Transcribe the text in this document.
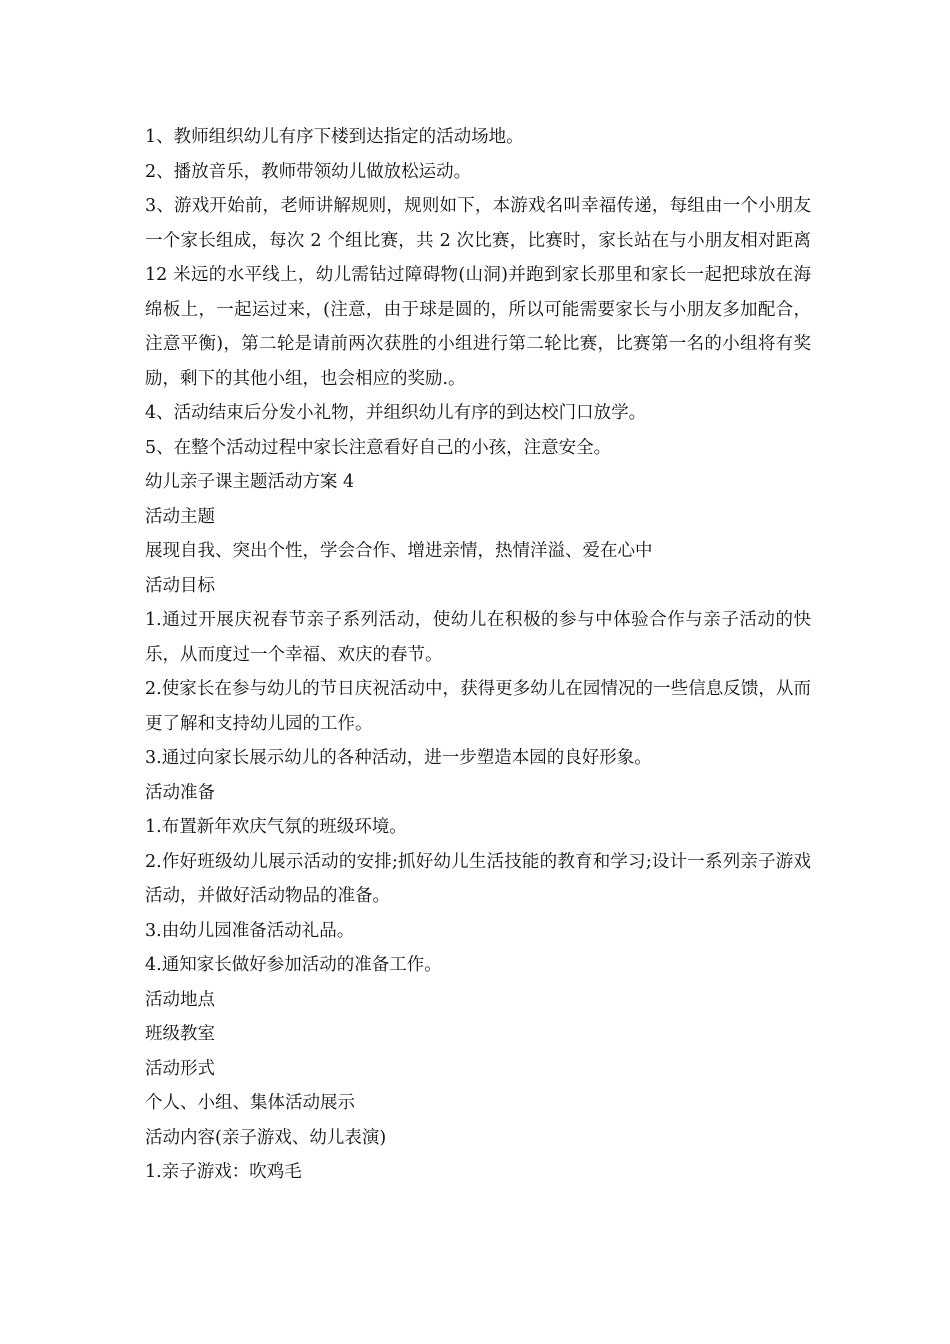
1、教师组织幼儿有序下楼到达指定的活动场地。

2、播放音乐，教师带领幼儿做放松运动。

3、游戏开始前，老师讲解规则，规则如下，本游戏名叫幸福传递，每组由一个小朋友一个家长组成，每次 2 个组比赛，共 2 次比赛，比赛时，家长站在与小朋友相对距离 12 米远的水平线上，幼儿需钻过障碍物(山洞)并跑到家长那里和家长一起把球放在海绵板上，一起运过来，(注意，由于球是圆的，所以可能需要家长与小朋友多加配合，注意平衡)，第二轮是请前两次获胜的小组进行第二轮比赛，比赛第一名的小组将有奖励，剩下的其他小组，也会相应的奖励.。

4、活动结束后分发小礼物，并组织幼儿有序的到达校门口放学。

5、在整个活动过程中家长注意看好自己的小孩，注意安全。

幼儿亲子课主题活动方案 4

活动主题

展现自我、突出个性，学会合作、增进亲情，热情洋溢、爱在心中

活动目标

1.通过开展庆祝春节亲子系列活动，使幼儿在积极的参与中体验合作与亲子活动的快乐，从而度过一个幸福、欢庆的春节。

2.使家长在参与幼儿的节日庆祝活动中，获得更多幼儿在园情况的一些信息反馈，从而更了解和支持幼儿园的工作。

3.通过向家长展示幼儿的各种活动，进一步塑造本园的良好形象。

活动准备

1.布置新年欢庆气氛的班级环境。

2.作好班级幼儿展示活动的安排;抓好幼儿生活技能的教育和学习;设计一系列亲子游戏活动，并做好活动物品的准备。

3.由幼儿园准备活动礼品。

4.通知家长做好参加活动的准备工作。

活动地点

班级教室

活动形式

个人、小组、集体活动展示

活动内容(亲子游戏、幼儿表演)

1.亲子游戏：吹鸡毛
